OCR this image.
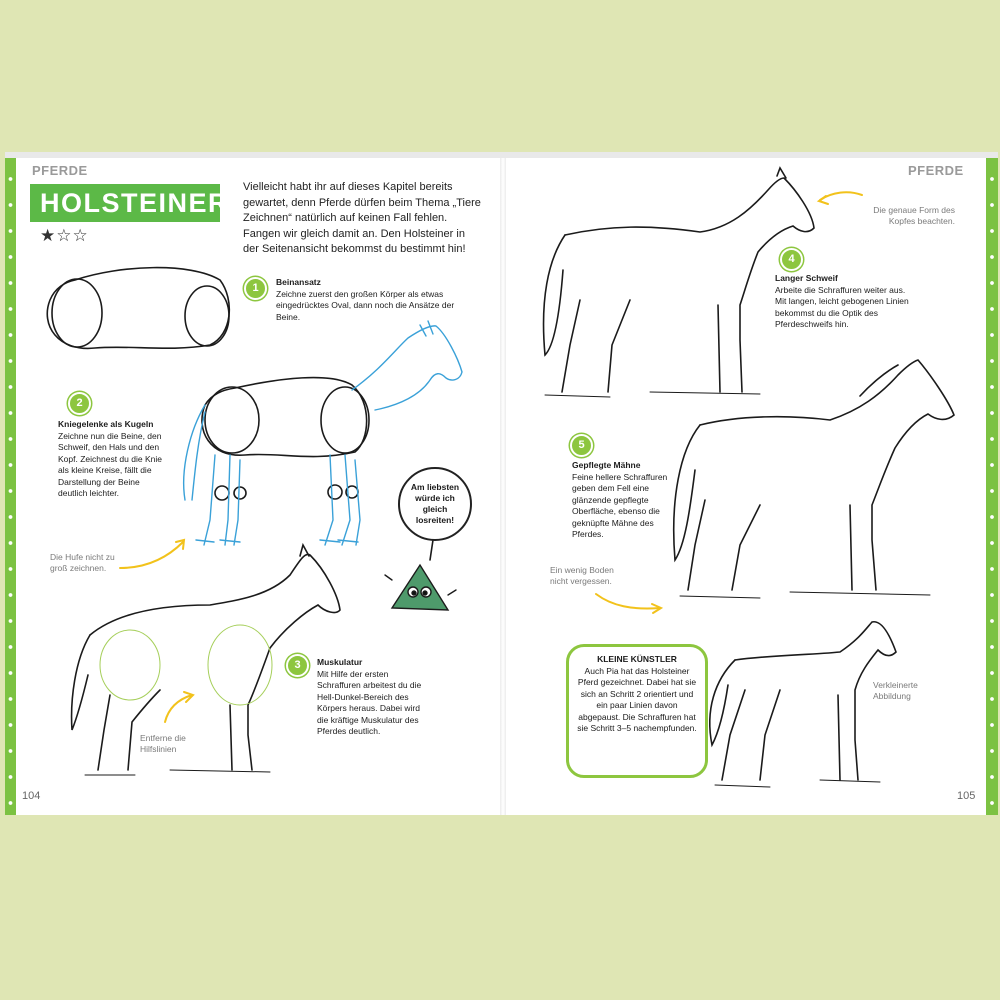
PFERDE
HOLSTEINER
★☆☆
Vielleicht habt ihr auf dieses Kapitel bereits gewartet, denn Pferde dürfen beim Thema „Tiere Zeichnen“ natürlich auf keinen Fall fehlen. Fangen wir gleich damit an. Den Holsteiner in der Seitenansicht bekommst du bestimmt hin!
1	Beinansatz
Zeichne zuerst den großen Körper als etwas eingedrücktes Oval, dann noch die Ansätze der Beine.
2
Kniegelenke als Kugeln
Zeichne nun die Beine, den Schweif, den Hals und den Kopf. Zeichnest du die Knie als kleine Kreise, fällt die Darstellung der Beine deutlich leichter.
3	Muskulatur
Mit Hilfe der ersten Schraffuren arbeitest du die Hell-Dunkel-Bereich des Körpers heraus. Dabei wird die kräftige Muskulatur des Pferdes deutlich.
Die Hufe nicht zu groß zeichnen.
Entferne die Hilfslinien
Am liebsten würde ich gleich losreiten!
104
PFERDE
4
Langer Schweif
Arbeite die Schraffuren weiter aus. Mit langen, leicht gebogenen Linien bekommst du die Optik des Pferdeschweifs hin.
5
Gepflegte Mähne
Feine hellere Schraffuren geben dem Fell eine glänzende gepflegte Oberfläche, ebenso die geknüpfte Mähne des Pferdes.
Die genaue Form des Kopfes beachten.
Ein wenig Boden nicht vergessen.
Verkleinerte Abbildung
KLEINE KÜNSTLER
Auch Pia hat das Holsteiner Pferd gezeichnet. Dabei hat sie sich an Schritt 2 orientiert und ein paar Linien davon abgepaust. Die Schraffuren hat sie Schritt 3–5 nachempfunden.
105
